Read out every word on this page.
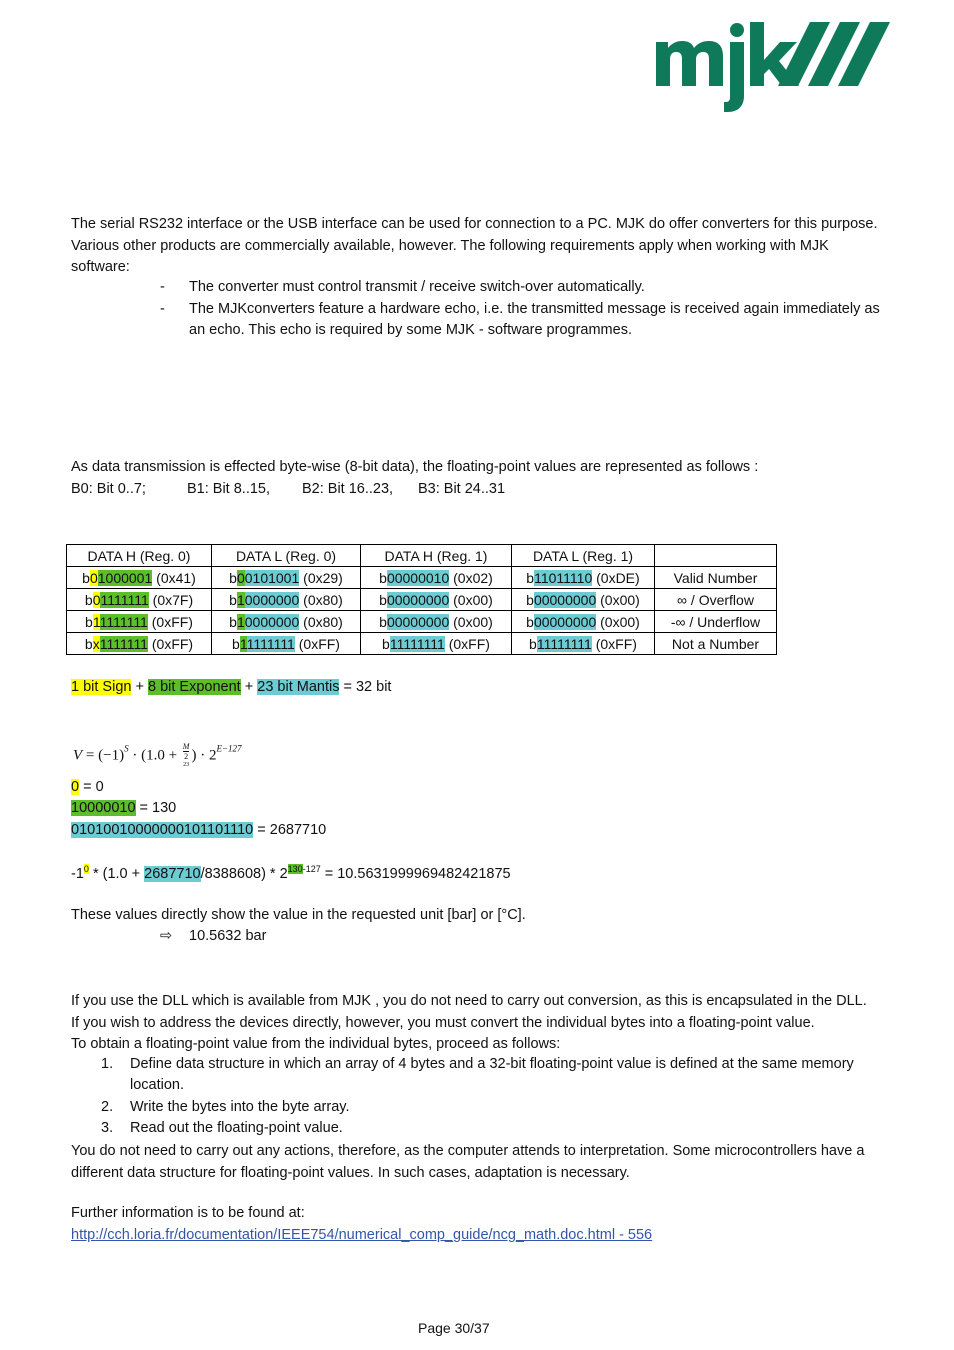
The serial RS232 interface or the USB interface can be used for connection to a PC. MJK do offer converters for this purpose.
Various other products are commercially available, however. The following requirements apply when working with MJK
software:
- The converter must control transmit / receive switch-over automatically.
- The MJKconverters feature a hardware echo, i.e. the transmitted message is received again immediately as
an echo. This echo is required by some MJK - software programmes.
As data transmission is effected byte-wise (8-bit data), the floating-point values are represented as follows :
B0: Bit 0..7;	B1: Bit 8..15, B2: Bit 16..23, B3: Bit 24..31
DATA H (Reg. 0)	DATA L (Reg. 0)	DATA H (Reg. 1)	DATA L (Reg. 1)	
b01000001 (0x41)	b00101001 (0x29)	b00000010 (0x02)	b11011110 (0xDE)	Valid Number
b01111111 (0x7F)	b10000000 (0x80)	b00000000 (0x00)	b00000000 (0x00)	∞ / Overflow
b11111111 (0xFF)	b10000000 (0x80)	b00000000 (0x00)	b00000000 (0x00)	-∞ / Underflow
bx1111111 (0xFF)	b11111111 (0xFF)	b11111111 (0xFF)	b11111111 (0xFF)	Not a Number
1 bit Sign + 8 bit Exponent + 23 bit Mantis = 32 bit
$V = (-1)^S \cdot (1.0 + M$
2
23 ) · $2^{E-127}$
0 = 0
10000010 = 130
01010010000000101101110 = 2687710
$-1^0 * (1.0 + 2687710/8388608) * 2^{130-127} = 10.5631999969482421875$
These values directly show the value in the requested unit [bar] or [°C].
⇨ 10.5632 bar
If you use the DLL which is available from MJK , you do not need to carry out conversion, as this is encapsulated in the DLL.
If you wish to address the devices directly, however, you must convert the individual bytes into a floating-point value.
To obtain a floating-point value from the individual bytes, proceed as follows:
1. Define data structure in which an array of 4 bytes and a 32-bit floating-point value is defined at the same memory
location.
2. Write the bytes into the byte array.
3. Read out the floating-point value.
You do not need to carry out any actions, therefore, as the computer attends to interpretation. Some microcontrollers have a
different data structure for floating-point values. In such cases, adaptation is necessary.
Further information is to be found at:
http://cch.loria.fr/documentation/IEEE754/numerical_comp_guide/ncg_math.doc.html - 556
Page 30/37
